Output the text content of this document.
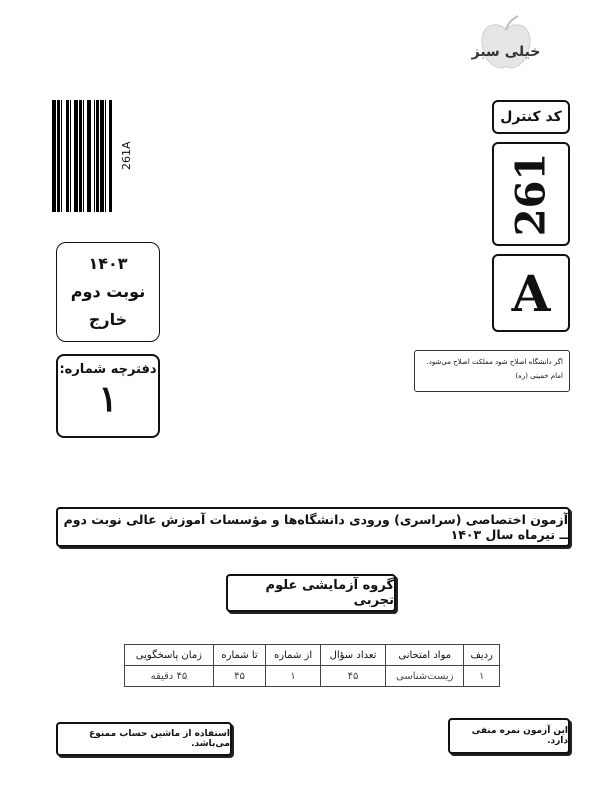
خیلی سبز
261A
کد کنترل
261
A
اگر دانشگاه اصلاح شود مملکت اصلاح می‌شود.
امام خمینی (ره)
۱۴۰۳
نوبت دوم
خارج
دفترچه شماره:
۱
آزمون اختصاصی (سراسری) ورودی دانشگاه‌ها و مؤسسات آموزش عالی نوبت دوم ــ تیرماه سال ۱۴۰۳
گروه آزمایشی علوم تجربی
ردیف	مواد امتحانی	تعداد سؤال	از شماره	تا شماره	زمان پاسخگویی
۱	زیست‌شناسی	۴۵	۱	۴۵	۴۵ دقیقه
این آزمون نمره منفی دارد.
استفاده از ماشین حساب ممنوع می‌باشد.
